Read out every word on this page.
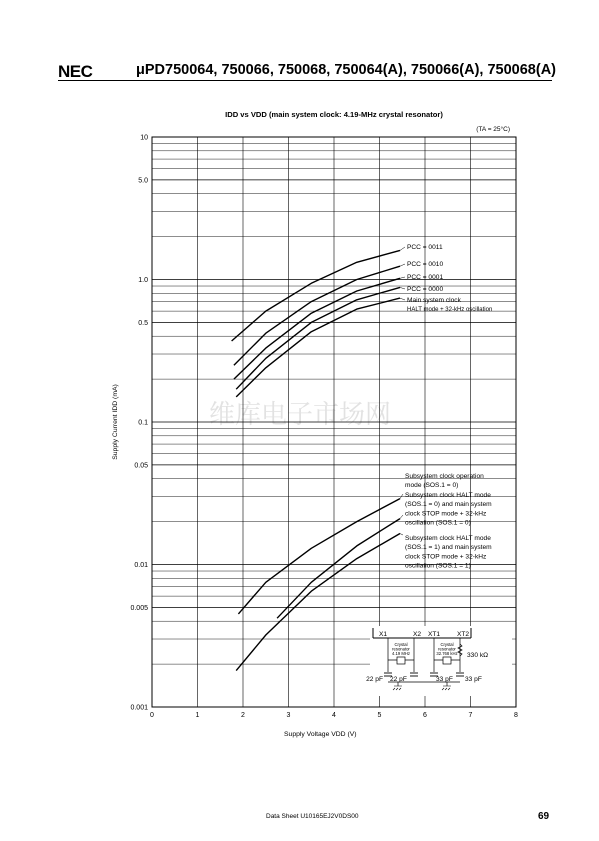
NEC	μPD750064, 750066, 750068, 750064(A), 750066(A), 750068(A)
维库电子市场网
IDD vs VDD (main system clock: 4.19-MHz crystal resonator)
(TA = 25°C)
10
5.0
1.0
0.5
0.1
0.05
0.01
0.005
0.001
0	1	2	3	4	5	6	7	8
Supply Voltage VDD (V)
Supply Current IDD (mA)
PCC = 0011
PCC = 0010
PCC = 0001
PCC = 0000
Main system clock
HALT mode + 32-kHz oscillation
Subsystem clock operation
mode (SOS.1 = 0)
Subsystem clock HALT mode
(SOS.1 = 0) and main system
clock STOP mode + 32-kHz
oscillation (SOS.1 = 0)
Subsystem clock HALT mode
(SOS.1 = 1) and main system
clock STOP mode + 32-kHz
oscillation (SOS.1 = 1)
X1	X2 XT1	XT2
Crystal
resonator
4.19 MHz
Crystal
resonator
32.768 kHz 330 kΩ
22 pF 22 pF	33 pF 33 pF
Data Sheet U10165EJ2V0DS00	69
